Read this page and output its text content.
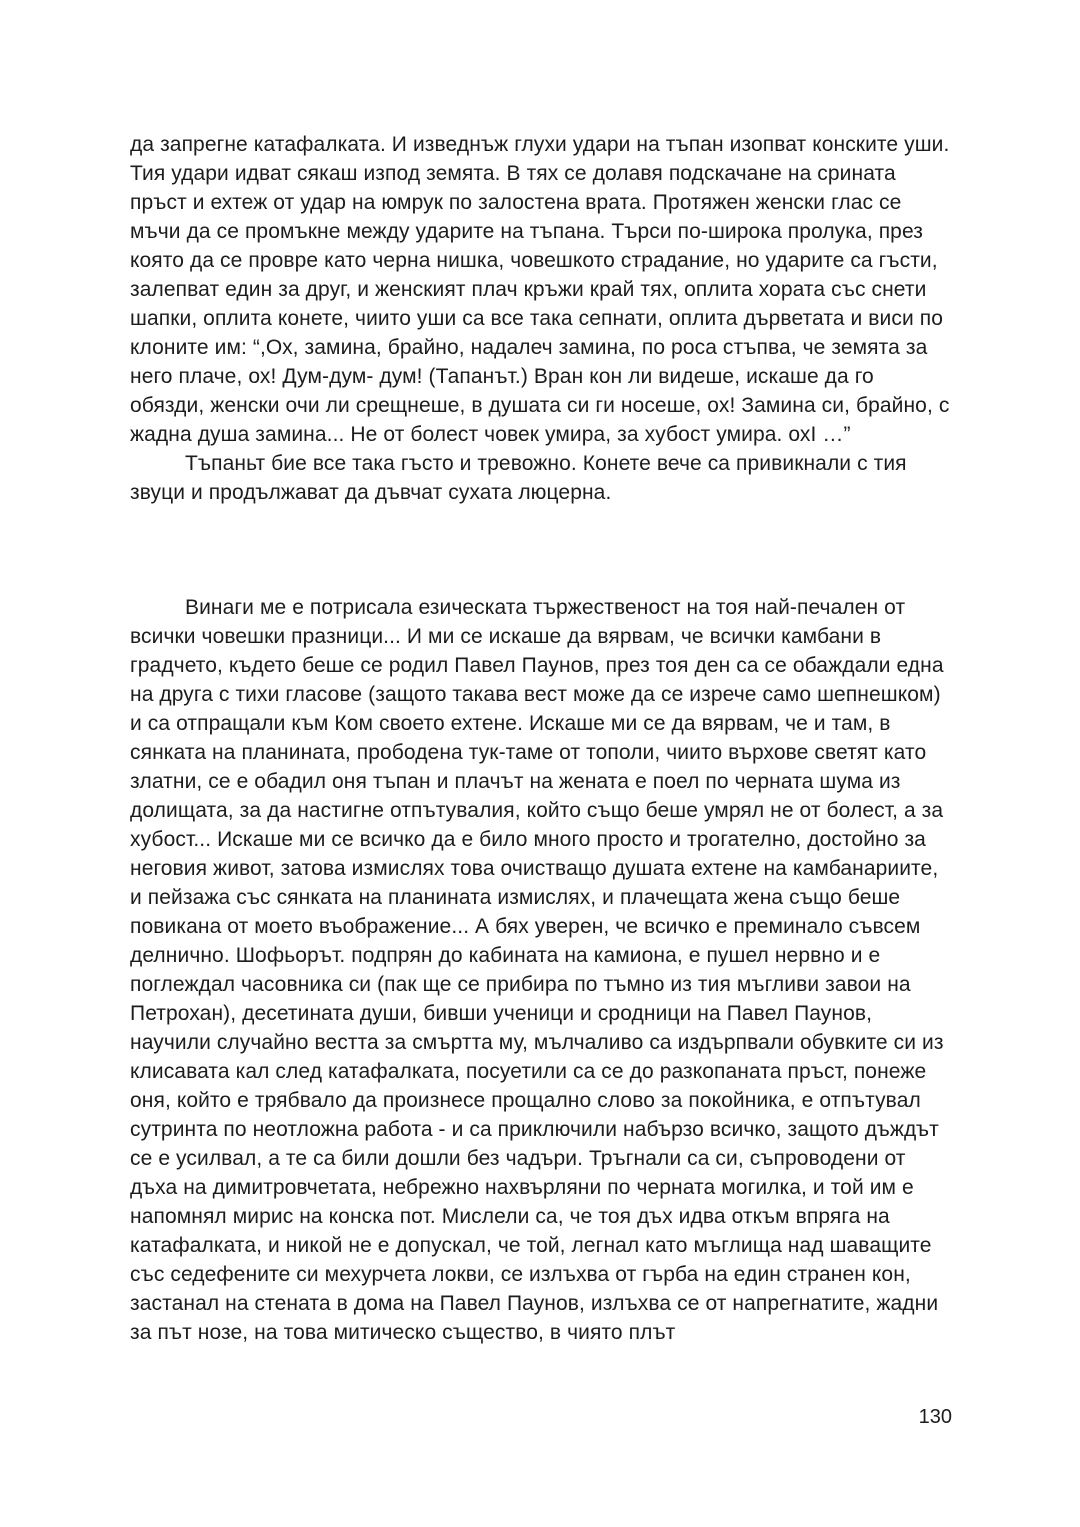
да запрегне катафалката. И изведнъж глухи удари на тъпан изопват конските уши. Тия удари идват сякаш изпод земята. В тях се долавя подскачане на срината пръст и ехтеж от удар на юмрук по залостена врата. Протяжен женски глас се мъчи да се промъкне между ударите на тъпана. Търси по-широка пролука, през която да се провре като черна нишка, човешкото страдание, но ударите са гъсти, залепват един за друг, и женският плач кръжи край тях, оплита хората със снети шапки, оплита конете, чиито уши са все така сепнати, оплита дърветата и виси по клоните им: “,Ох, замина, брайно, надалеч замина, по роса стъпва, че земята за него плаче, ох! Дум-дум- дум! (Тапанът.) Вран кон ли видеше, искаше да го обязди, женски очи ли срещнеше, в душата си ги носеше, ох! Замина си, брайно, с жадна душа замина... Не от болест човек умира, за хубост умира. охI …”

Тъпаньт бие все така гъсто и тревожно. Конете вече са привикнали с тия звуци и продължават да дъвчат сухата люцерна.

Винаги ме е потрисала езическата тържественост на тоя най-печален от всички човешки празници... И ми се искаше да вярвам, че всички камбани в градчето, където беше се родил Павел Паунов, през тоя ден са се обаждали една на друга с тихи гласове (защото такава вест може да се изрече само шепнешком) и са отпращали към Ком своето ехтене. Искаше ми се да вярвам, че и там, в сянката на планината, прободена тук-таме от тополи, чиито върхове светят като златни, се е обадил оня тъпан и плачът на жената е поел по черната шума из долищата, за да настигне отпътувалия, който също беше умрял не от болест, а за хубост... Искаше ми се всичко да е било много просто и трогателно, достойно за неговия живот, затова измислях това очистващо душата ехтене на камбанариите, и пейзажа със сянката на планината измислях, и плачещата жена също беше повикана от моето въображение... А бях уверен, че всичко е преминало съвсем делнично. Шофьорът. подпрян до кабината на камиона, е пушел нервно и е поглеждал часовника си (пак ще се прибира по тъмно из тия мъгливи завои на Петрохан), десетината души, бивши ученици и сродници на Павел Паунов, научили случайно вестта за смъртта му, мълчаливо са издърпвали обувките си из клисавата кал след катафалката, посуетили са се до разкопаната пръст, понеже оня, който е трябвало да произнесе прощално слово за покойника, е отпътувал сутринта по неотложна работа - и са приключили набързо всичко, защото дъждът се е усилвал, а те са били дошли без чадъри. Тръгнали са си, съпроводени от дъха на димитровчетата, небрежно нахвърляни по черната могилка, и той им е напомнял мирис на конска пот. Мислели са, че тоя дъх идва откъм впряга на катафалката, и никой не е допускал, че той, легнал като мъглища над шаващите със седефените си мехурчета локви, се излъхва от гърба на един странен кон, застанал на стената в дома на Павел Паунов, излъхва се от напрегнатите, жадни за път нозе, на това митическо същество, в чиято плът

130
